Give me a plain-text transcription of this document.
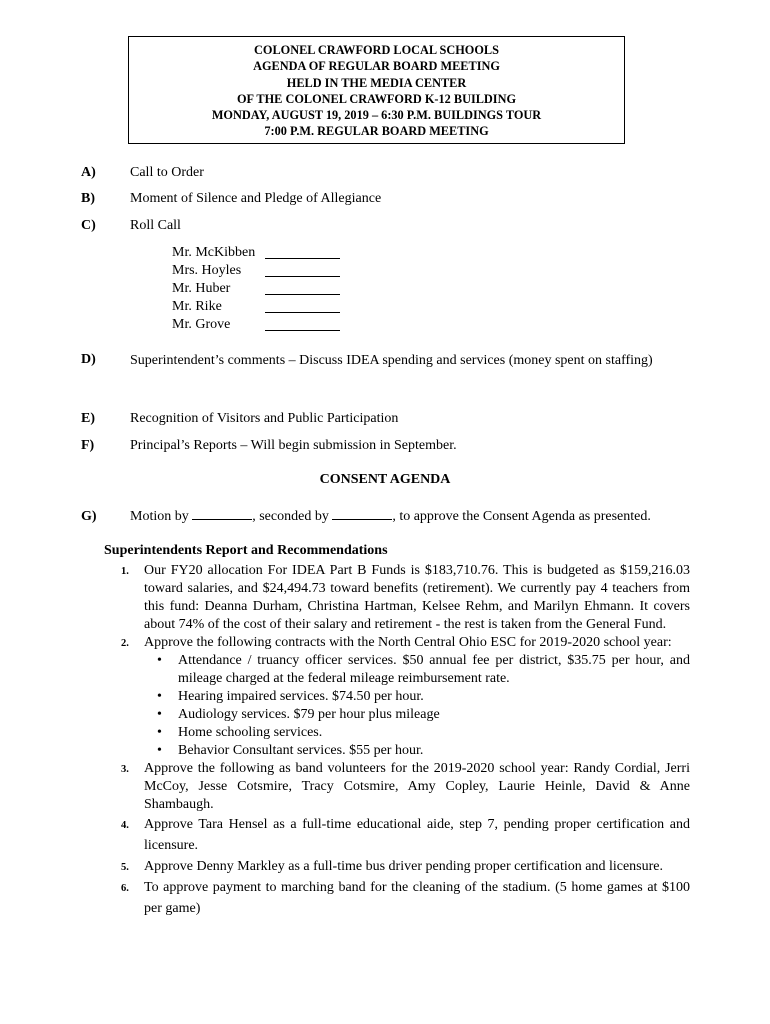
COLONEL CRAWFORD LOCAL SCHOOLS
AGENDA OF REGULAR BOARD MEETING
HELD IN THE MEDIA CENTER
OF THE COLONEL CRAWFORD K-12 BUILDING
MONDAY, AUGUST 19, 2019 – 6:30 P.M. BUILDINGS TOUR
7:00 P.M. REGULAR BOARD MEETING
A) Call to Order
B)	Moment of Silence and Pledge of Allegiance
C) Roll Call
Mr. McKibben
Mrs. Hoyles
Mr. Huber
Mr. Rike
Mr. Grove
D) Superintendent’s comments – Discuss IDEA spending and services (money spent on staffing)
E)	Recognition of Visitors and Public Participation
F)	Principal’s Reports – Will begin submission in September.
CONSENT AGENDA
G) Motion by	, seconded by	, to approve the Consent Agenda as presented.
Superintendents Report and Recommendations
1. Our FY20 allocation For IDEA Part B Funds is $183,710.76. This is budgeted as $159,216.03 toward salaries, and $24,494.73 toward benefits (retirement). We currently pay 4 teachers from this fund: Deanna Durham, Christina Hartman, Kelsee Rehm, and Marilyn Ehmann. It covers about 74% of the cost of their salary and retirement - the rest is taken from the General Fund.
2. Approve the following contracts with the North Central Ohio ESC for 2019-2020 school year:
• Attendance / truancy officer services. $50 annual fee per district, $35.75 per hour, and mileage charged at the federal mileage reimbursement rate.
• Hearing impaired services. $74.50 per hour.
• Audiology services. $79 per hour plus mileage
• Home schooling services.
• Behavior Consultant services. $55 per hour.
3. Approve the following as band volunteers for the 2019-2020 school year: Randy Cordial, Jerri McCoy, Jesse Cotsmire, Tracy Cotsmire, Amy Copley, Laurie Heinle, David & Anne Shambaugh.
4. Approve Tara Hensel as a full-time educational aide, step 7, pending proper certification and licensure.
5. Approve Denny Markley as a full-time bus driver pending proper certification and licensure.
6. To approve payment to marching band for the cleaning of the stadium. (5 home games at $100 per game)
